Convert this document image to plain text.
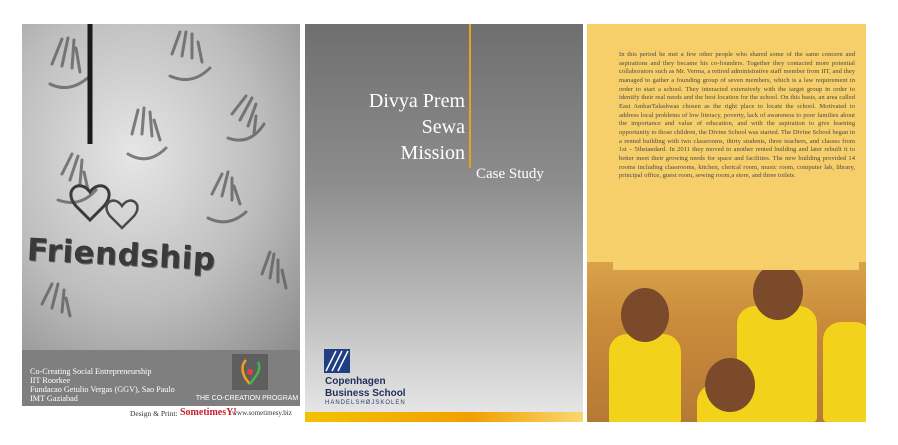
Friendship
Co-Creating Social Entrepreneurship
IIT Roorkee
Fundacao Getulio Vergas (GGV), Sao Paulo
IMT Gaziabad	THE CO-CREATION PROGRAM
Design & Print: SometimesY!
www.sometimesy.biz
Divya Prem
Sewa
Mission
Case Study
Copenhagen
Business School
HANDELSHØJSKOLEN
In this period he met a few other people who shared some of the same concern and aspirations and they became his co-founders. Together they contacted more potential collaborators such as Mr. Verma, a retired administrative staff member from IIT, and they managed to gather a founding group of seven members, which is a law requirement in order to start a school. They interacted extensively with the target group in order to identify their real needs and the best location for the school. On this basis, an area called East AmbarTalashwas chosen as the right place to locate the school. Motivated to address local problems of low literacy, poverty, lack of awareness to poor families about the importance and value of education, and with the aspiration to give learning opportunity to those children, the Divine School was started. The Divine School began in a rented building with two classrooms, thirty students, three teachers, and classes from 1st – 5thstandard. In 2011 they moved to another rented building and later rebuilt it to better meet their growing needs for space and facilities. The new building provided 14 rooms including classrooms, kitchen, clerical room, music room, computer lab, library, principal office, guest room, sewing room,a store, and three toilets.
